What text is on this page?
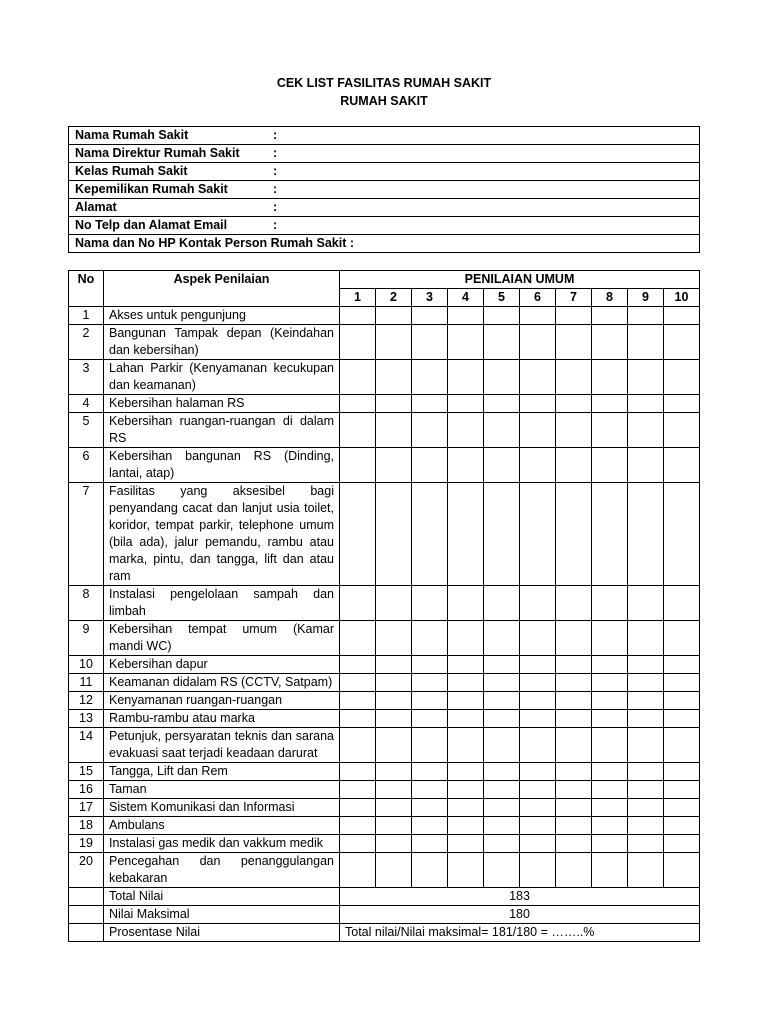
CEK LIST FASILITAS RUMAH SAKIT
RUMAH SAKIT
Nama Rumah Sakit	:
Nama Direktur Rumah Sakit	:
Kelas Rumah Sakit	:
Kepemilikan Rumah Sakit	:
Alamat	:
No Telp dan Alamat Email	:
Nama dan No HP Kontak Person Rumah Sakit :	
No	Aspek Penilaian	PENILAIAN UMUM									
		1	2	3	4	5	6	7	8	9	10
1	Akses untuk pengunjung										
2	Bangunan Tampak depan (Keindahan dan kebersihan)										
3	Lahan Parkir (Kenyamanan kecukupan dan keamanan)										
4	Kebersihan halaman RS										
5	Kebersihan ruangan-ruangan di dalam RS										
6	Kebersihan bangunan RS (Dinding, lantai, atap)										
7	Fasilitas yang aksesibel bagi penyandang cacat dan lanjut usia toilet, koridor, tempat parkir, telephone umum (bila ada), jalur pemandu, rambu atau marka, pintu, dan tangga, lift dan atau ram										
8	Instalasi pengelolaan sampah dan limbah										
9	Kebersihan tempat umum (Kamar mandi WC)										
10	Kebersihan dapur										
11	Keamanan didalam RS (CCTV, Satpam)										
12	Kenyamanan ruangan-ruangan										
13	Rambu-rambu atau marka										
14	Petunjuk, persyaratan teknis dan sarana evakuasi saat terjadi keadaan darurat										
15	Tangga, Lift dan Rem										
16	Taman										
17	Sistem Komunikasi dan Informasi										
18	Ambulans										
19	Instalasi gas medik dan vakkum medik										
20	Pencegahan dan penanggulangan kebakaran										
	Total Nilai	183									
	Nilai Maksimal	180									
	Prosentase Nilai	Total nilai/Nilai maksimal= 181/180 = ……..%									
